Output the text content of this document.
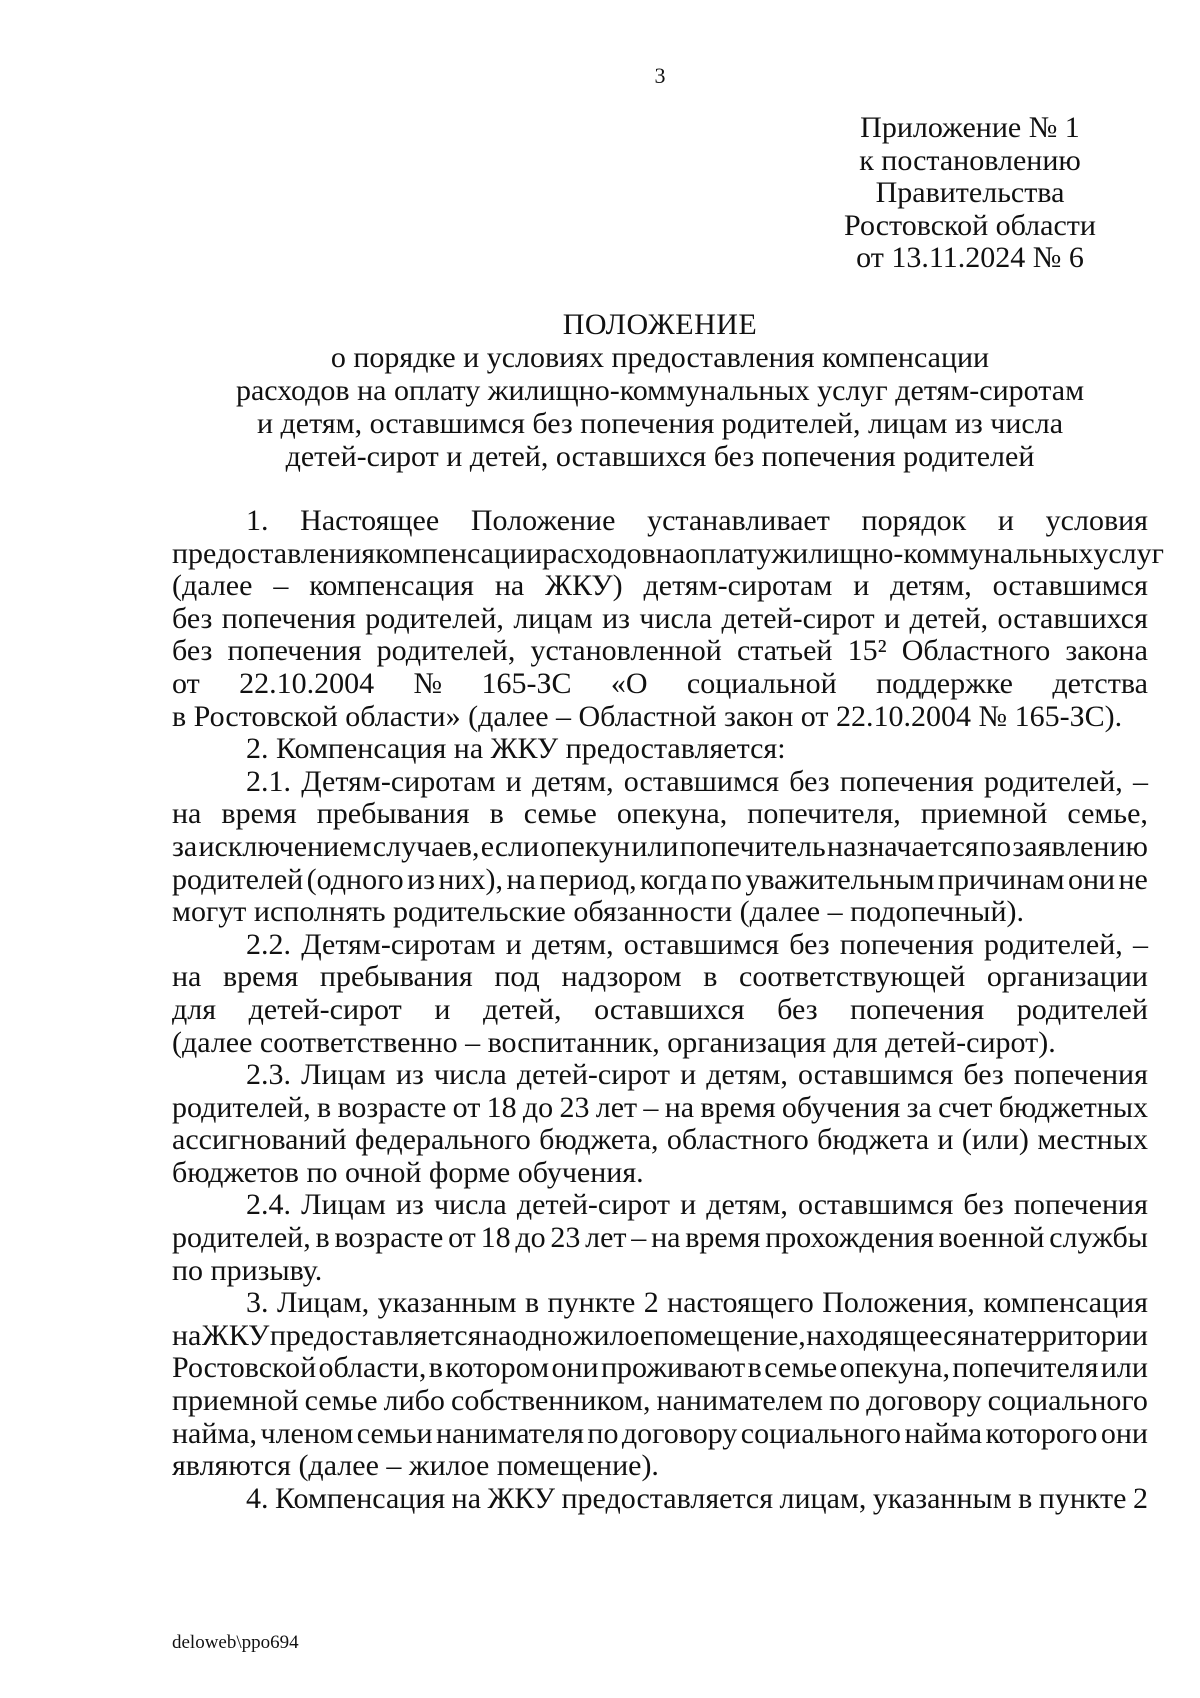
3
Приложение № 1
к постановлению
Правительства
Ростовской области
от 13.11.2024 № 6
ПОЛОЖЕНИЕ
о порядке и условиях предоставления компенсации
расходов на оплату жилищно-коммунальных услуг детям-сиротам
и детям, оставшимся без попечения родителей, лицам из числа
детей-сирот и детей, оставшихся без попечения родителей
1. Настоящее Положение устанавливает порядок и условия
предоставления компенсации расходов на оплату жилищно-коммунальных услуг
(далее – компенсация на ЖКУ) детям-сиротам и детям, оставшимся
без попечения родителей, лицам из числа детей-сирот и детей, оставшихся
без попечения родителей, установленной статьей 15² Областного закона
от 22.10.2004 № 165-ЗС «О социальной поддержке детства
в Ростовской области» (далее – Областной закон от 22.10.2004 № 165-ЗС).
2. Компенсация на ЖКУ предоставляется:
2.1. Детям-сиротам и детям, оставшимся без попечения родителей, –
на время пребывания в семье опекуна, попечителя, приемной семье,
за исключением случаев, если опекун или попечитель назначается по заявлению
родителей (одного из них), на период, когда по уважительным причинам они не
могут исполнять родительские обязанности (далее – подопечный).
2.2. Детям-сиротам и детям, оставшимся без попечения родителей, –
на время пребывания под надзором в соответствующей организации
для детей-сирот и детей, оставшихся без попечения родителей
(далее соответственно – воспитанник, организация для детей-сирот).
2.3. Лицам из числа детей-сирот и детям, оставшимся без попечения
родителей, в возрасте от 18 до 23 лет – на время обучения за счет бюджетных
ассигнований федерального бюджета, областного бюджета и (или) местных
бюджетов по очной форме обучения.
2.4. Лицам из числа детей-сирот и детям, оставшимся без попечения
родителей, в возрасте от 18 до 23 лет – на время прохождения военной службы
по призыву.
3. Лицам, указанным в пункте 2 настоящего Положения, компенсация
на ЖКУ предоставляется на одно жилое помещение, находящееся на территории
Ростовской области, в котором они проживают в семье опекуна, попечителя или
приемной семье либо собственником, нанимателем по договору социального
найма, членом семьи нанимателя по договору социального найма которого они
являются (далее – жилое помещение).
4. Компенсация на ЖКУ предоставляется лицам, указанным в пункте 2
deloweb\ppo694
